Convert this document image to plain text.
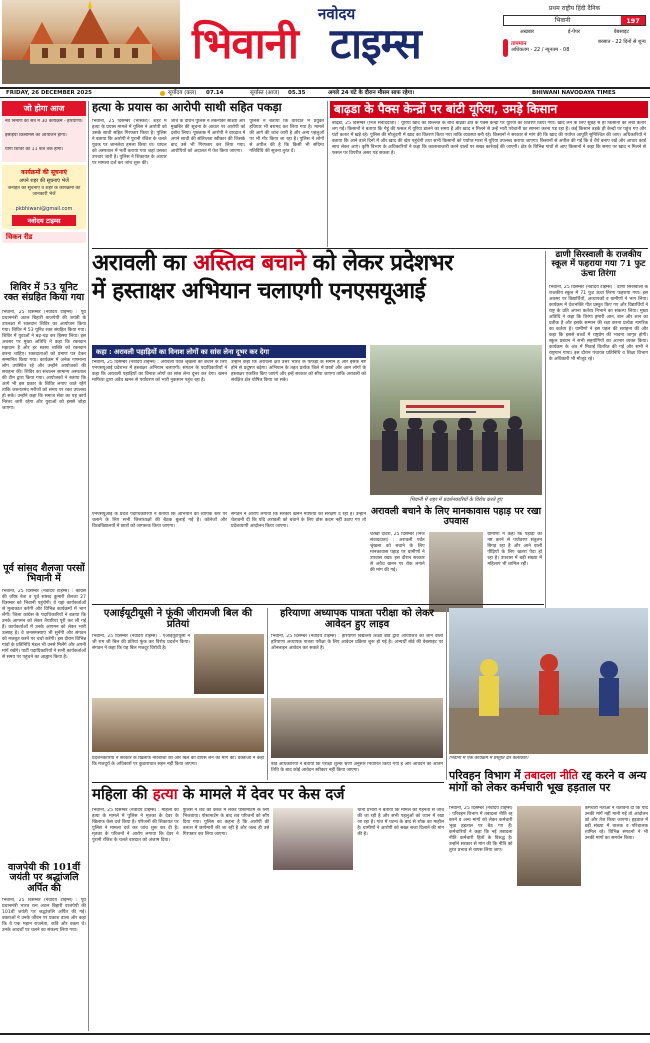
नवोदय
भिवानी टाइम्स
प्रथम राष्ट्रीय हिंदी दैनिक
भिवानी	197
अखबार	ई-पेपर	वेबसाइट
तापमान
अधिकतम - 22 / न्यूनतम - 08
बरसात - 22 दिनों से शुन्य
FRIDAY, 26 DECEMBER 2025	सूर्योदय (कल) 07.14	सूर्यास्त (आज) 05.35	अगले 24 घंटे के दौरान मौसम साफ रहेगा।	BHIWANI NAVODAYA TIMES
जो होगा आज
नव निर्माण का सत्र में 30 कार्यक्रम - हरियाणा।
ईसाइयाँ क्रिसमिस का आयोजन होगा।
योगा शिविर का 11 बजे तक होगा।
कार्यक्रमों की सूचनाएं
अपने शहर की सूचनाएं भेजें
जनहित की सूचनाएं व शहर के कार्यक्रमों की जानकारी भेजें
pkbhiwani@gmail.com
नवोदय टाइम्स
चिकन रीड
शिविर में 53 यूनिट रक्त संग्रहित किया गया
भिवानी, 25 दिसम्बर (नवोदय टाइम्स) : पूर्व प्रधानमंत्री अटल बिहारी वाजपेयी की जयंती के उपलक्ष्य में रक्तदान शिविर का आयोजन किया गया। शिविर में 53 यूनिट रक्त संग्रहित किया गया। शिविर में युवाओं ने बढ़-चढ़ कर हिस्सा लिया। इस अवसर पर मुख्य अतिथि ने कहा कि रक्तदान महादान है और हर स्वस्थ व्यक्ति को रक्तदान करना चाहिए। रक्तदाताओं को प्रमाण पत्र देकर सम्मानित किया गया। कार्यक्रम में अनेक गणमान्य लोग उपस्थित रहे और उन्होंने आयोजकों की सराहना की। शिविर का संचालन सामान्य अस्पताल की टीम द्वारा किया गया। आयोजकों ने बताया कि आगे भी इस प्रकार के शिविर लगाए जाते रहेंगे ताकि जरूरतमंद मरीजों को समय पर रक्त उपलब्ध हो सके। उन्होंने कहा कि समाज सेवा का यह कार्य निरंतर जारी रहेगा और युवाओं को इससे जोड़ा जाएगा।
पूर्व सांसद शैलजा परसों भिवानी में
भिवानी, 25 दिसम्बर (नवोदय टाइम्स) : कांग्रेस की वरिष्ठ नेता व पूर्व सांसद कुमारी शैलजा 27 दिसम्बर को भिवानी पहुंचेंगी। वे यहां कार्यकर्ताओं से मुलाकात करेंगी और विभिन्न कार्यक्रमों में भाग लेंगी। जिला कांग्रेस के पदाधिकारियों ने बताया कि उनके आगमन को लेकर तैयारियां पूरी कर ली गई हैं। कार्यकर्ताओं में उनके आगमन को लेकर भारी उत्साह है। वे जनसमस्याएं भी सुनेंगी और संगठन को मजबूत करने पर चर्चा करेंगी। इस दौरान विभिन्न गांवों के प्रतिनिधि मंडल भी उनसे मिलेंगे और अपनी मांगें रखेंगे। पार्टी पदाधिकारियों ने सभी कार्यकर्ताओं से समय पर पहुंचने का आह्वान किया है।
वाजपेयी की 101वीं जयंती पर श्रद्धांजलि अर्पित की
भिवानी, 25 दिसम्बर (नवोदय टाइम्स) : पूर्व प्रधानमंत्री भारत रत्न अटल बिहारी वाजपेयी की 101वीं जयंती पर श्रद्धांजलि अर्पित की गई। वक्ताओं ने उनके जीवन पर प्रकाश डाला और कहा कि वे एक महान राजनेता, कवि और वक्ता थे। उनके आदर्शों पर चलने का संकल्प लिया गया।
हत्या के प्रयास का आरोपी साथी सहित पकड़ा
भिवानी, 25 दिसम्बर (भास्कर): शहर में हत्या के प्रयास मामले में पुलिस ने आरोपी को उसके साथी सहित गिरफ्तार किया है। पुलिस ने बताया कि आरोपी ने पुरानी रंजिश के चलते युवक पर जानलेवा हमला किया था। घायल को अस्पताल में भर्ती कराया गया जहां उसका उपचार जारी है। पुलिस ने शिकायत के आधार पर मामला दर्ज कर जांच शुरू की।
जांच के दौरान पुलिस ने तकनीकी साक्ष्यों और मुखबिर की सूचना के आधार पर आरोपी को दबोच लिया। पूछताछ में आरोपी ने वारदात में अपने साथी की संलिप्तता स्वीकार की जिसके बाद उसे भी गिरफ्तार कर लिया गया। आरोपियों को अदालत में पेश किया जाएगा।
पुलिस ने बताया कि वारदात में प्रयुक्त हथियार भी बरामद कर लिया गया है। मामले की आगे की जांच जारी है और अन्य पहलुओं पर भी गौर किया जा रहा है। पुलिस ने लोगों से अपील की है कि किसी भी संदिग्ध गतिविधि की सूचना तुरंत दें।
बाढ़डा के पैक्स केन्द्रों पर बांटी यूरिया, उमड़े किसान
बाढ़डा, 25 दिसम्बर (निज संवाददाता) : यूरिया खाद की किल्लत के बीच बाढ़डा क्षेत्र के पैक्स केन्द्रों पर यूरिया का वितरण किया गया। खाद लेने के लिए सुबह से ही किसानों की लंबी कतारें लग गईं। किसानों ने बताया कि गेहूं की फसल में यूरिया डालने का समय है और खाद न मिलने से उन्हें भारी परेशानी का सामना करना पड़ रहा है। कई किसान तड़के ही केन्द्रों पर पहुंच गए और घंटों कतार में खड़े रहे। पुलिस की मौजूदगी में खाद का वितरण किया गया ताकि व्यवस्था बनी रहे। किसानों ने सरकार से मांग की कि खाद की पर्याप्त आपूर्ति सुनिश्चित की जाए। अधिकारियों ने बताया कि आने वाले दिनों में और खाद की खेप पहुंचेगी तथा सभी किसानों को पर्याप्त मात्रा में यूरिया उपलब्ध कराया जाएगा। किसानों से अपील की गई कि वे धैर्य बनाए रखें और आधार कार्ड साथ लेकर आएं। कृषि विभाग के अधिकारियों ने कहा कि कालाबाजारी करने वालों पर सख्त कार्रवाई की जाएगी। क्षेत्र के विभिन्न गांवों से आए किसानों ने कहा कि समय पर खाद न मिलने से फसल पर विपरीत असर पड़ सकता है।
अरावली का अस्तित्व बचाने को लेकर प्रदेशभर
में हस्ताक्षर अभियान चलाएगी एनएसयूआई
ढाणी सिरस्वाली के राजकीय स्कूल में फहराया गया 71 फुट ऊंचा तिरंगा
भिवानी, 25 दिसम्बर (नवोदय टाइम्स) : ढाणी सिरस्वाली के राजकीय स्कूल में 71 फुट ऊंचा तिरंगा फहराया गया। इस अवसर पर विद्यार्थियों, अध्यापकों व ग्रामीणों ने भाग लिया। कार्यक्रम में देशभक्ति गीत प्रस्तुत किए गए और विद्यार्थियों ने राष्ट्र के प्रति अपना कर्तव्य निभाने का संकल्प लिया। मुख्य अतिथि ने कहा कि तिरंगा हमारी आन, बान और शान का प्रतीक है और इसके सम्मान की रक्षा करना प्रत्येक नागरिक का कर्तव्य है। ग्रामीणों ने इस पहल की सराहना की और कहा कि इससे बच्चों में राष्ट्रप्रेम की भावना जागृत होगी। स्कूल प्रबंधन ने सभी सहयोगियों का आभार व्यक्त किया। कार्यक्रम के अंत में मिठाई वितरित की गई और सभी ने राष्ट्रगान गाया। इस दौरान पंचायत प्रतिनिधि व शिक्षा विभाग के अधिकारी भी मौजूद रहे।
कहा : अरावली पहाड़ियों का विनाश लोगों का सांस लेना दूभर कर देगा
भिवानी, 25 दिसम्बर (नवोदय टाइम्स) : अरावली पर्वत श्रृंखला को बचाने के लिए एनएसयूआई प्रदेशभर में हस्ताक्षर अभियान चलाएगी। संगठन के पदाधिकारियों ने कहा कि अरावली पहाड़ियों का विनाश लोगों का सांस लेना दूभर कर देगा। खनन माफिया द्वारा अवैध खनन से पर्यावरण को भारी नुकसान पहुंच रहा है।
उन्होंने कहा कि अरावली क्षेत्र उत्तर भारत के फेफड़ों के समान है और इसके नष्ट होने से प्रदूषण बढ़ेगा। अभियान के तहत प्रत्येक जिले में छात्रों और आम लोगों के हस्ताक्षर एकत्रित किए जाएंगे और इन्हें सरकार को सौंपा जाएगा ताकि अरावली को संरक्षित क्षेत्र घोषित किया जा सके।
भिवानी में शहर में प्रदर्शनकारियों के विरोध करते हुए
अरावली बचाने के लिए मानकावास पहाड़ पर रखा उपवास
चरखी दादरी, 25 दिसम्बर (निज संवाददाता) : अरावली पर्वत श्रृंखला को बचाने के लिए मानकावास पहाड़ पर ग्रामीणों ने उपवास रखा। इस दौरान सरकार से अवैध खनन पर रोक लगाने की मांग की गई।
ग्रामीणों ने कहा कि पहाड़ों को नष्ट करने से पर्यावरण संतुलन बिगड़ रहा है और आने वाली पीढ़ियों के लिए खतरा पैदा हो रहा है। उपवास में बड़ी संख्या में महिलाएं भी शामिल रहीं।
एनएसयूआई के प्रदेश पदाधिकारियों ने बताया कि अभियान को व्यापक स्तर पर चलाने के लिए सभी जिलाध्यक्षों की बैठक बुलाई गई है। कॉलेजों और विश्वविद्यालयों में छात्रों को जागरूक किया जाएगा।
संगठन ने आरोप लगाया कि सरकार खनन माफिया को संरक्षण दे रही है। उन्होंने चेतावनी दी कि यदि अरावली को बचाने के लिए ठोस कदम नहीं उठाए गए तो प्रदेशव्यापी आंदोलन किया जाएगा।
एआईयूटीयूसी ने फूंकी जीरामजी बिल की प्रतियां
भिवानी, 25 दिसम्बर (नवोदय टाइम्स) : एआईयूटीयूसी ने जी राम जी बिल की प्रतियां फूंक कर विरोध प्रदर्शन किया। संगठन ने कहा कि यह बिल मजदूर विरोधी है।
प्रदर्शनकारियों ने सरकार के खिलाफ नारेबाजी की और बिल को वापस लेने की मांग की। वक्ताओं ने कहा कि मजदूरों के अधिकारों पर कुठाराघात सहन नहीं किया जाएगा।
हरियाणा अध्यापक पात्रता परीक्षा को लेकर आवेदन हुए लाइव
भिवानी, 25 दिसम्बर (नवोदय टाइम्स) : हरियाणा विद्यालय शिक्षा बोर्ड द्वारा आयोजित की जाने वाली हरियाणा अध्यापक पात्रता परीक्षा के लिए आवेदन प्रक्रिया शुरू हो गई है। अभ्यर्थी बोर्ड की वेबसाइट पर ऑनलाइन आवेदन कर सकते हैं।
बोर्ड अधिकारियों ने बताया कि परीक्षा शुल्क श्रेणी अनुसार निर्धारित किया गया है और आवेदन की अंतिम तिथि के बाद कोई आवेदन स्वीकार नहीं किया जाएगा।
भिवानी में एक कार्यक्रम में प्रस्तुति देते कलाकार।
परिवहन विभाग में तबादला नीति रद्द करने व अन्य मांगों को लेकर कर्मचारी भूख हड़ताल पर
भिवानी, 25 दिसम्बर (नवोदय टाइम्स) : परिवहन विभाग में तबादला नीति रद्द करने व अन्य मांगों को लेकर कर्मचारी भूख हड़ताल पर बैठ गए हैं। कर्मचारियों ने कहा कि नई तबादला नीति कर्मचारी हितों के विरुद्ध है। उन्होंने सरकार से मांग की कि नीति को तुरंत प्रभाव से वापस लिया जाए।
कर्मचारी नेताओं ने चेतावनी दी कि यदि उनकी मांगें नहीं मानी गईं तो आंदोलन को और तेज किया जाएगा। हड़ताल में बड़ी संख्या में चालक व परिचालक शामिल रहे। विभिन्न संगठनों ने भी उनकी मांगों का समर्थन किया।
महिला की हत्या के मामले में देवर पर केस दर्ज
भिवानी, 25 दिसम्बर (नवोदय टाइम्स) : महिला की हत्या के मामले में पुलिस ने मृतका के देवर के खिलाफ केस दर्ज किया है। परिजनों की शिकायत पर पुलिस ने मामला दर्ज कर जांच शुरू कर दी है। मृतका के परिजनों ने आरोप लगाया कि देवर ने पुरानी रंजिश के चलते वारदात को अंजाम दिया।
पुलिस ने शव को कब्जे में लेकर पोस्टमार्टम के लिए भिजवाया। पोस्टमार्टम के बाद शव परिजनों को सौंप दिया गया। पुलिस का कहना है कि आरोपी की तलाश में छापेमारी की जा रही है और जल्द ही उसे गिरफ्तार कर लिया जाएगा।
थाना प्रभारी ने बताया कि मामले की गहनता से जांच की जा रही है और सभी पहलुओं को ध्यान में रखा जा रहा है। गांव में घटना के बाद से शोक का माहौल है। ग्रामीणों ने आरोपी को सख्त सजा दिलाने की मांग की है।
